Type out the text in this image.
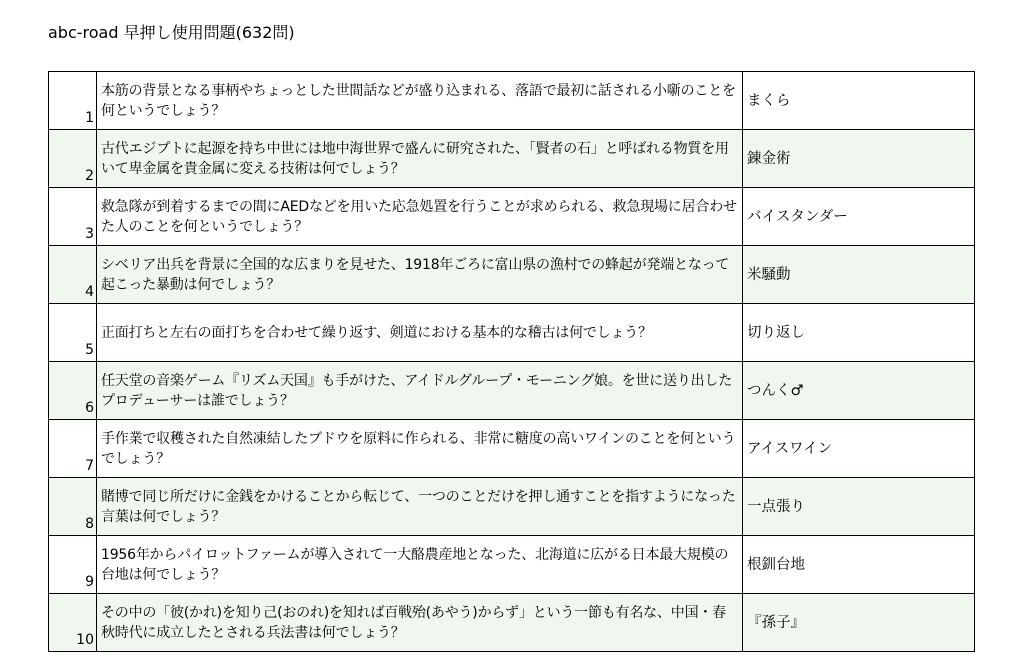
abc-road 早押し使用問題(632問)
1	本筋の背景となる事柄やちょっとした世間話などが盛り込まれる、落語で最初に話される小噺のことを何というでしょう？	まくら
2	古代エジプトに起源を持ち中世には地中海世界で盛んに研究された、「賢者の石」と呼ばれる物質を用いて卑金属を貴金属に変える技術は何でしょう？	錬金術
3	救急隊が到着するまでの間にAEDなどを用いた応急処置を行うことが求められる、救急現場に居合わせた人のことを何というでしょう？	バイスタンダー
4	シベリア出兵を背景に全国的な広まりを見せた、1918年ごろに富山県の漁村での蜂起が発端となって起こった暴動は何でしょう？	米騒動
5	正面打ちと左右の面打ちを合わせて繰り返す、剣道における基本的な稽古は何でしょう？	切り返し
6	任天堂の音楽ゲーム『リズム天国』も手がけた、アイドルグループ・モーニング娘。を世に送り出したプロデューサーは誰でしょう？	つんく♂
7	手作業で収穫された自然凍結したブドウを原料に作られる、非常に糖度の高いワインのことを何というでしょう？	アイスワイン
8	賭博で同じ所だけに金銭をかけることから転じて、一つのことだけを押し通すことを指すようになった言葉は何でしょう？	一点張り
9	1956年からパイロットファームが導入されて一大酪農産地となった、北海道に広がる日本最大規模の台地は何でしょう？	根釧台地
10	その中の「彼(かれ)を知り己(おのれ)を知れば百戦殆(あやう)からず」という一節も有名な、中国・春秋時代に成立したとされる兵法書は何でしょう？	『孫子』
